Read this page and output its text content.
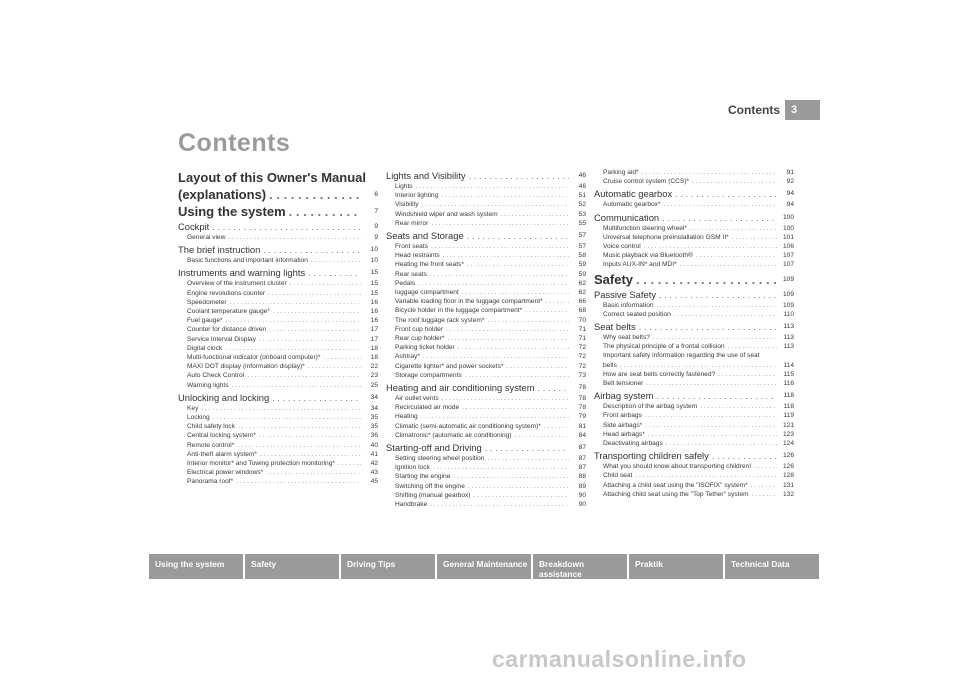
Contents	3
Contents
Layout of this Owner's Manual
(explanations) . . .	6
Using the system . . .	7
Cockpit . . .	9
General view . . .	9
The brief instruction . . .	10
Basic functions and important information . . .	10
Instruments and warning lights . . .	15
Overview of the instrument cluster . . .	15
Engine revolutions counter . . .	15
Speedometer . . .	16
Coolant temperature gauge* . . .	16
Fuel gauge* . . .	16
Counter for distance driven . . .	17
Service Interval Display . . .	17
Digital clock . . .	18
Multi-functional indicator (onboard computer)* . . .	18
MAXI DOT display (information display)* . . .	22
Auto Check Control . . .	23
Warning lights . . .	25
Unlocking and locking . . .	34
Key . . .	34
Locking . . .	35
Child safety lock . . .	35
Central locking system* . . .	36
Remote control* . . .	40
Anti-theft alarm system* . . .	41
Interior monitor* and Towing protection monitoring* . . .	42
Electrical power windows* . . .	43
Panorama roof* . . .	45
Lights and Visibility . . .	46
Lights . . .	46
Interior lighting . . .	51
Visibility . . .	52
Windshield wiper and wash system . . .	53
Rear mirror . . .	55
Seats and Storage . . .	57
Front seats . . .	57
Head restraints . . .	58
Heating the front seats* . . .	59
Rear seats . . .	59
Pedals . . .	62
luggage compartment . . .	62
Variable loading floor in the luggage compartment* . . .	66
Bicycle holder in the luggage compartment* . . .	68
The roof luggage rack system* . . .	70
Front cup holder . . .	71
Rear cup holder* . . .	71
Parking ticket holder . . .	72
Ashtray* . . .	72
Cigarette lighter* and power sockets* . . .	72
Storage compartments . . .	73
Heating and air conditioning system . . .	78
Air outlet vents . . .	78
Recirculated air mode . . .	78
Heating . . .	79
Climatic (semi-automatic air conditioning system)* . . .	81
Climatronic* (automatic air conditioning) . . .	84
Starting-off and Driving . . .	87
Setting steering wheel position . . .	87
Ignition lock . . .	87
Starting the engine . . .	88
Switching off the engine . . .	89
Shifting (manual gearbox) . . .	90
Handbrake . . .	90
Parking aid* . . .	91
Cruise control system (CCS)* . . .	92
Automatic gearbox . . .	94
Automatic gearbox* . . .	94
Communication . . .	100
Multifunction steering wheel* . . .	100
Universal telephone preinstallation GSM II* . . .	101
Voice control . . .	106
Music playback via Bluetooth® . . .	107
Inputs AUX-IN* and MDI* . . .	107
Safety . . .	109
Passive Safety . . .	109
Basic information . . .	109
Correct seated position . . .	110
Seat belts . . .	113
Why seat belts? . . .	113
The physical principle of a frontal collision . . .	113
Important safety information regarding the use of seat
belts . . .	114
How are seat belts correctly fastened? . . .	115
Belt tensioner . . .	116
Airbag system . . .	118
Description of the airbag system . . .	118
Front airbags . . .	119
Side airbags* . . .	121
Head airbags* . . .	123
Deactivating airbags . . .	124
Transporting children safely . . .	126
What you should know about transporting children! . . .	126
Child seat . . .	128
Attaching a child seat using the "ISOFIX" system* . . .	131
Attaching child seat using the "Top Tether" system . . .	132
Using the system	Safety	Driving Tips	General Maintenance	Breakdown assistance
Praktik	Technical Data
carmanualsonline.info
